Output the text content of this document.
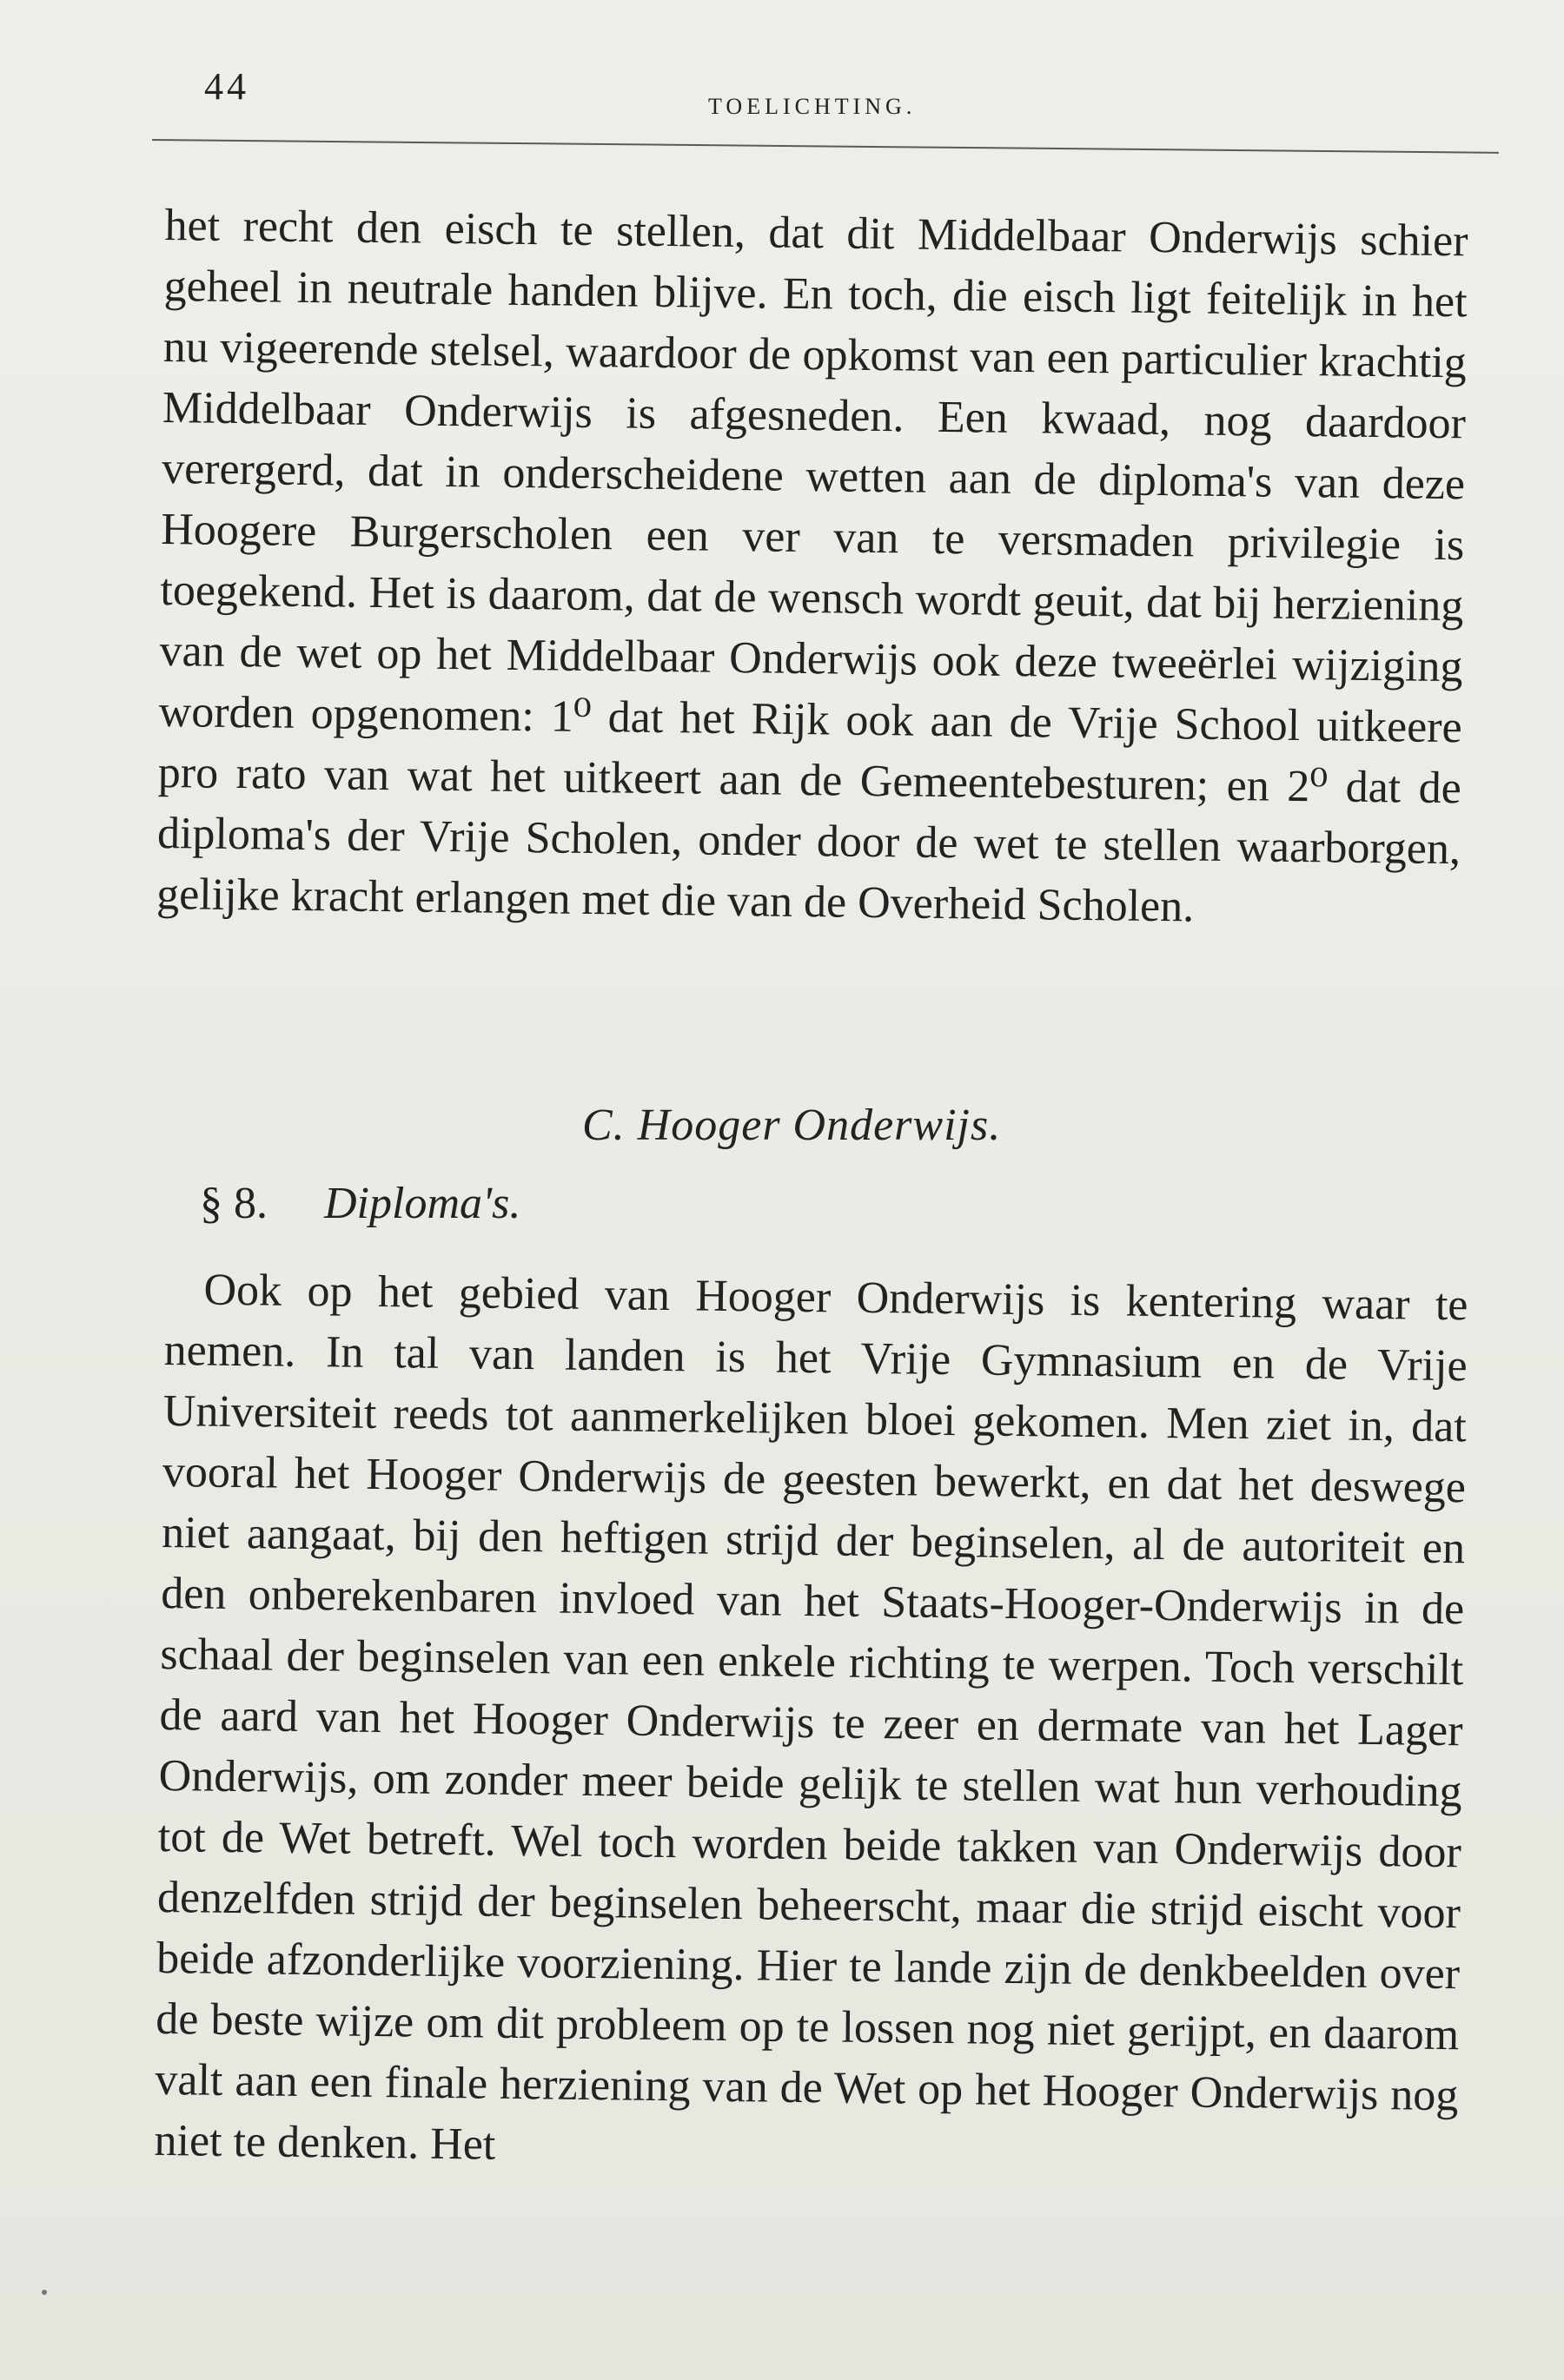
44	TOELICHTING.

het recht den eisch te stellen, dat dit Middelbaar Onderwijs schier geheel in neutrale handen blijve. En toch, die eisch ligt feitelijk in het nu vigeerende stelsel, waardoor de opkomst van een particulier krachtig Middelbaar Onderwijs is afgesneden. Een kwaad, nog daardoor verergerd, dat in onderscheidene wetten aan de diploma's van deze Hoogere Burgerscholen een ver van te versmaden privilegie is toegekend. Het is daarom, dat de wensch wordt geuit, dat bij herziening van de wet op het Middelbaar Onderwijs ook deze tweeërlei wijziging worden opgenomen: 1⁰ dat het Rijk ook aan de Vrije School uitkeere pro rato van wat het uitkeert aan de Gemeentebesturen; en 2⁰ dat de diploma's der Vrije Scholen, onder door de wet te stellen waarborgen, gelijke kracht erlangen met die van de Overheid Scholen.

C. Hooger Onderwijs.
§ 8. Diploma's.

Ook op het gebied van Hooger Onderwijs is kentering waar te nemen. In tal van landen is het Vrije Gymnasium en de Vrije Universiteit reeds tot aanmerkelijken bloei gekomen. Men ziet in, dat vooral het Hooger Onderwijs de geesten bewerkt, en dat het deswege niet aangaat, bij den heftigen strijd der beginselen, al de autoriteit en den onberekenbaren invloed van het Staats-Hooger-Onderwijs in de schaal der beginselen van een enkele richting te werpen. Toch verschilt de aard van het Hooger Onderwijs te zeer en dermate van het Lager Onderwijs, om zonder meer beide gelijk te stellen wat hun verhouding tot de Wet betreft. Wel toch worden beide takken van Onderwijs door denzelfden strijd der beginselen beheerscht, maar die strijd eischt voor beide afzonderlijke voorziening. Hier te lande zijn de denkbeelden over de beste wijze om dit probleem op te lossen nog niet gerijpt, en daarom valt aan een finale herziening van de Wet op het Hooger Onderwijs nog niet te denken. Het
